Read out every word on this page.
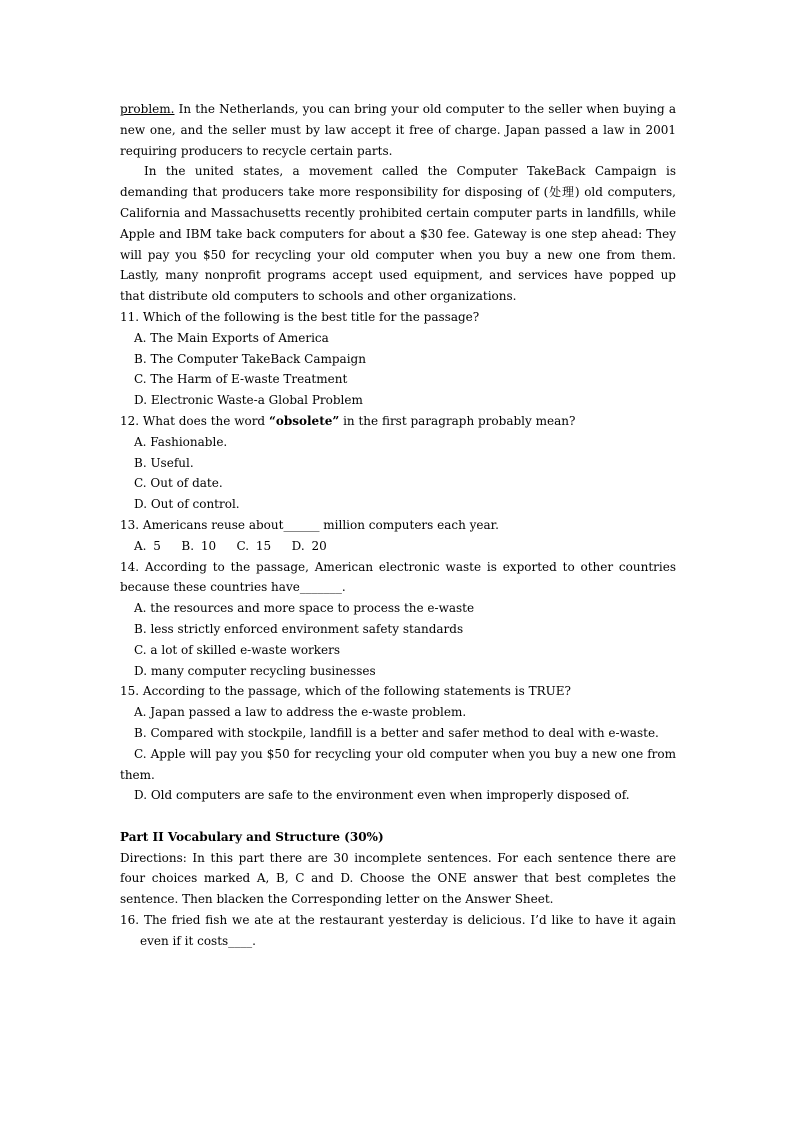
problem. In the Netherlands, you can bring your old computer to the seller when buying a new one, and the seller must by law accept it free of charge. Japan passed a law in 2001 requiring producers to recycle certain parts.

In the united states, a movement called the Computer TakeBack Campaign is demanding that producers take more responsibility for disposing of (处理) old computers, California and Massachusetts recently prohibited certain computer parts in landfills, while Apple and IBM take back computers for about a $30 fee. Gateway is one step ahead: They will pay you $50 for recycling your old computer when you buy a new one from them. Lastly, many nonprofit programs accept used equipment, and services have popped up that distribute old computers to schools and other organizations.

11. Which of the following is the best title for the passage?

A. The Main Exports of America

B. The Computer TakeBack Campaign

C. The Harm of E-waste Treatment

D. Electronic Waste-a Global Problem

12. What does the word “obsolete” in the first paragraph probably mean?

A. Fashionable.

B. Useful.

C. Out of date.

D. Out of control.

13. Americans reuse about______ million computers each year.

A. 5   B. 10   C. 15   D. 20

14. According to the passage, American electronic waste is exported to other countries because these countries have_______.

A. the resources and more space to process the e-waste

B. less strictly enforced environment safety standards

C. a lot of skilled e-waste workers

D. many computer recycling businesses

15. According to the passage, which of the following statements is TRUE?

A. Japan passed a law to address the e-waste problem.

B. Compared with stockpile, landfill is a better and safer method to deal with e-waste.

C. Apple will pay you $50 for recycling your old computer when you buy a new one from them.

D. Old computers are safe to the environment even when improperly disposed of.

Part II Vocabulary and Structure (30%)

Directions: In this part there are 30 incomplete sentences. For each sentence there are four choices marked A, B, C and D. Choose the ONE answer that best completes the sentence. Then blacken the Corresponding letter on the Answer Sheet.

16. The fried fish we ate at the restaurant yesterday is delicious. I’d like to have it again even if it costs____.
